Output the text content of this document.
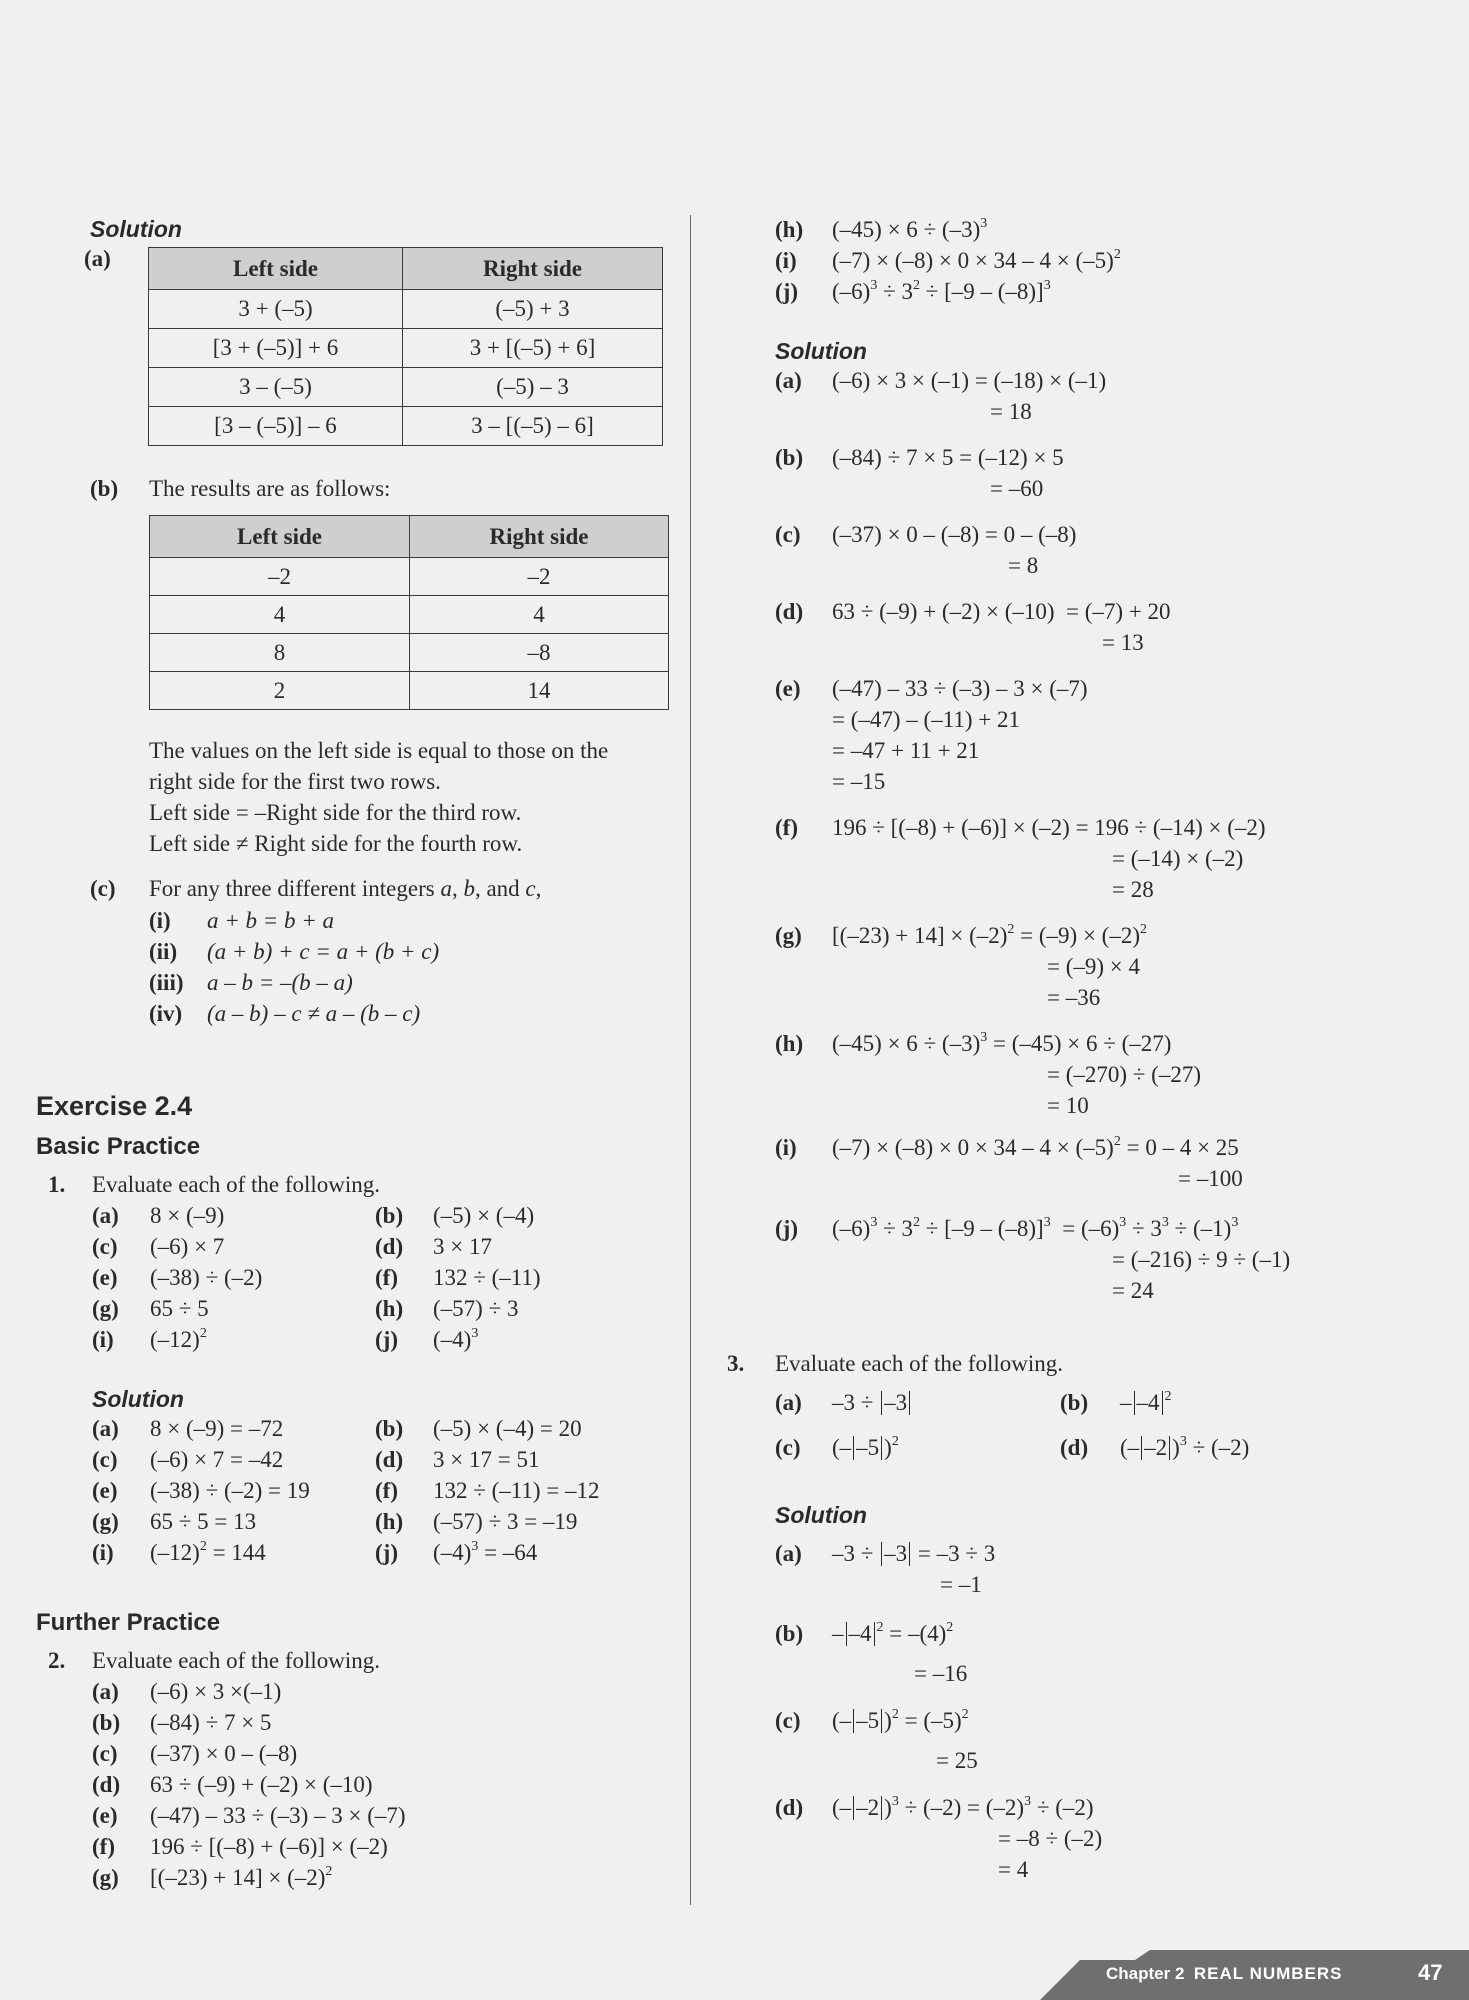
Solution
(a)	Left side	Right side
3 + (–5)	(–5) + 3
[3 + (–5)] + 6	3 + [(–5) + 6]
3 – (–5)	(–5) – 3
[3 – (–5)] – 6	3 – [(–5) – 6]
(b) The results are as follows:
Left side	Right side
–2	–2
4	4
8	–8
2	14
The values on the left side is equal to those on the
right side for the first two rows.
Left side = –Right side for the third row.
Left side ≠ Right side for the fourth row.
(c) For any three different integers a, b, and c,
(i) a + b = b + a
(ii) (a + b) + c = a + (b + c)
(iii) a – b = –(b – a)
(iv) (a – b) – c ≠ a – (b – c)
Exercise 2.4
Basic Practice
1. Evaluate each of the following.
(a) 8 × (–9)	(b) (–5) × (–4)
(c) (–6) × 7	(d) 3 × 17
(e) (–38) ÷ (–2)	(f) 132 ÷ (–11)
(g) 65 ÷ 5	(h) (–57) ÷ 3
(i) $(-12)^2$	(j) $(-4)^3$
Solution
(a) 8 × (–9) = –72	(b) (–5) × (–4) = 20
(c) (–6) × 7 = –42	(d) 3 × 17 = 51
(e) (–38) ÷ (–2) = 19	(f) 132 ÷ (–11) = –12
(g) 65 ÷ 5 = 13	(h) (–57) ÷ 3 = –19
(i) $(-12)^2 = 144$	(j) $(-4)^3 = -64$
Further Practice
2. Evaluate each of the following.
(a) (–6) × 3 ×(–1)
(b) (–84) ÷ 7 × 5
(c) (–37) × 0 – (–8)
(d) 63 ÷ (–9) + (–2) × (–10)
(e) (–47) – 33 ÷ (–3) – 3 × (–7)
(f) 196 ÷ [(–8) + (–6)] × (–2)
(g) $[(-23) + 14] \times (-2)^2$
(h) $(-45) \times 6 \div (-3)^3$
(i) $(-7) \times (-8) \times 0 \times 34 - 4 \times (-5)^2$
(j) $(-6)^3 \div 3^2 \div [-9 - (-8)]^3$
Solution
(a) (–6) × 3 × (–1) = (–18) × (–1)
= 18
(b) (–84) ÷ 7 × 5 = (–12) × 5
= –60
(c) (–37) × 0 – (–8) = 0 – (–8)
= 8
(d) 63 ÷ (–9) + (–2) × (–10)  = (–7) + 20
= 13
(e) (–47) – 33 ÷ (–3) – 3 × (–7)
= (–47) – (–11) + 21
= –47 + 11 + 21
= –15
(f) 196 ÷ [(–8) + (–6)] × (–2) = 196 ÷ (–14) × (–2)
= (–14) × (–2)
= 28
(g) $[(-23) + 14] \times (-2)^2 = (-9) \times (-2)^2$
= (–9) × 4
= –36
(h) $(-45) \times 6 \div (-3)^3 = (-45) \times 6 \div (-27)$
= (–270) ÷ (–27)
= 10
(i) $(-7) \times (-8) \times 0 \times 34 - 4 \times (-5)^2 = 0 - 4 \times 25$
= –100
(j) $(-6)^3 \div 3^2 \div [-9 - (-8)]^3 = (-6)^3 \div 3^3 \div (-1)^3$
= (–216) ÷ 9 ÷ (–1)
= 24
3. Evaluate each of the following.
(a) –3 ÷ –3	(b) – –4 $^2$
(c) (– –5 )$^2$	(d) (– –2 )$^3$ ÷ (–2)
Solution
(a) –3 ÷ –3 = –3 ÷ 3
= –1
(b) – –4 $^2 = -(4)^2$
= –16
(c) (– –5 )$^2 = (-5)^2$
= 25
(d) (– –2 )$^3 \div (-2) = (-2)^3 \div (-2)$
= –8 ÷ (–2)
= 4
Chapter 2 REAL NUMBERS	47
